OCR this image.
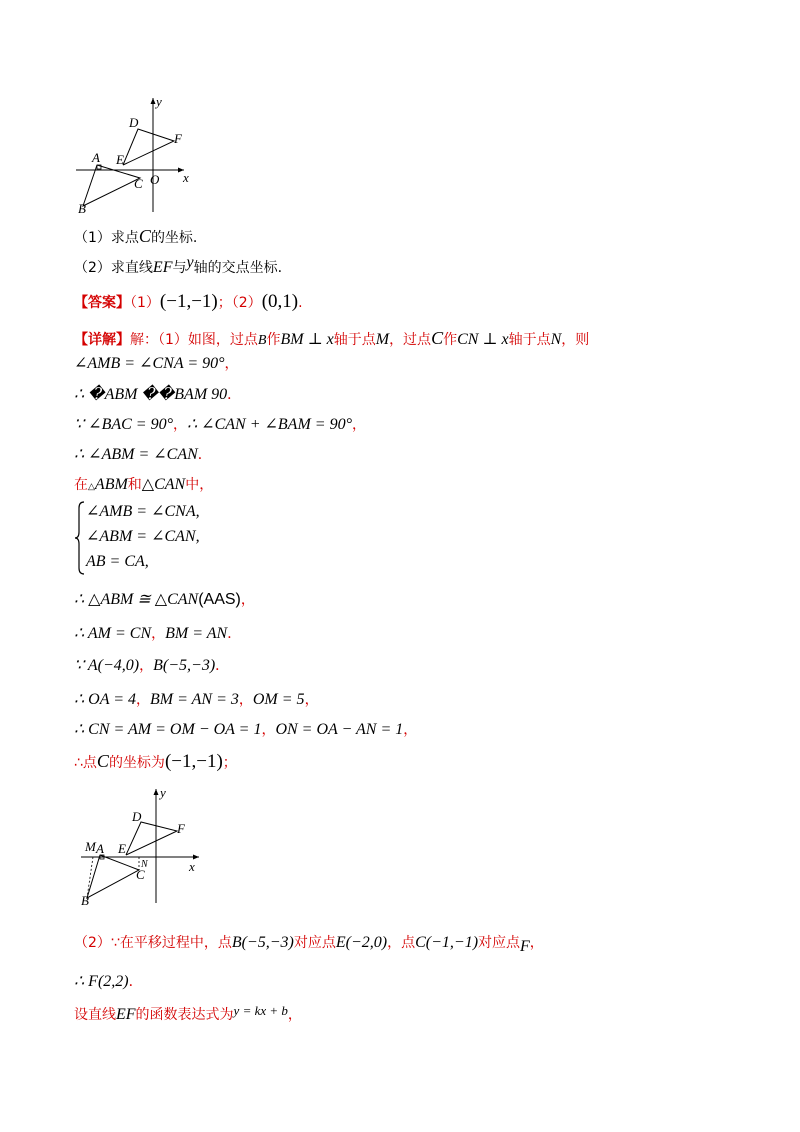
y
x
D
F
A E
O
C
B
（1）求点C的坐标.
（2）求直线EF与y轴的交点坐标.
【答案】（1）(−1,−1)；（2）(0,1).
【详解】解：（1）如图，过点B作BM ⊥ x轴于点M，过点C作CN ⊥ x轴于点N，则
∠AMB = ∠CNA = 90°，
∴ �ABM ��BAM 90．
∵ ∠BAC = 90°，∴ ∠CAN + ∠BAM = 90°，
∴ ∠ABM = ∠CAN．
在△ABM和△CAN中，
∠AMB = ∠CNA,
∠ABM = ∠CAN,
AB = CA,
∴ △ABM ≅ △CAN(AAS)，
∴ AM = CN，BM = AN．
∵ A(−4,0)，B(−5,−3)．
∴ OA = 4，BM = AN = 3，OM = 5，
∴ CN = AM = OM − OA = 1，ON = OA − AN = 1，
∴点C的坐标为(−1,−1)；
y
x
D
F
M A E
N
C
B
（2）∵在平移过程中，点B(−5,−3)对应点E(−2,0)，点C(−1,−1)对应点F，
∴ F(2,2)．
设直线EF的函数表达式为y = kx + b，
